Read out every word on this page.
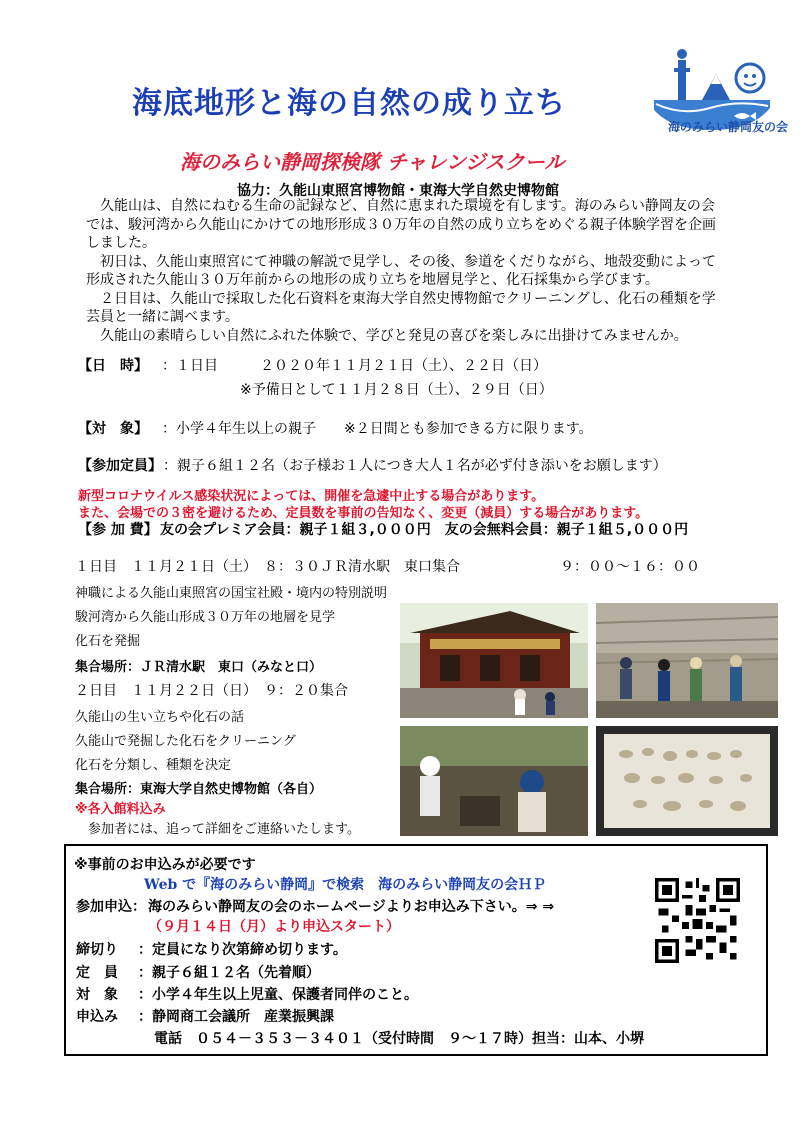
海底地形と海の自然の成り立ち
海のみらい静岡探検隊 チャレンジスクール
海のみらい静岡友の会
協力：久能山東照宮博物館・東海大学自然史博物館

久能山は、自然にねむる生命の記録など、自然に恵まれた環境を有します。海のみらい静岡友の会では、駿河湾から久能山にかけての地形形成３０万年の自然の成り立ちをめぐる親子体験学習を企画しました。

初日は、久能山東照宮にて神職の解説で見学し、その後、参道をくだりながら、地殻変動によって形成された久能山３０万年前からの地形の成り立ちを地層見学と、化石採集から学びます。

２日目は、久能山で採取した化石資料を東海大学自然史博物館でクリーニングし、化石の種類を学芸員と一緒に調べます。

久能山の素晴らしい自然にふれた体験で、学びと発見の喜びを楽しみに出掛けてみませんか。

【日　時】 ：１日目　　　２０２０年１１月２１日（土）、２２日（日）
※予備日として１１月２８日（土）、２９日（日）
【対　象】 ：小学４年生以上の親子　　※２日間とも参加できる方に限ります。
【参加定員】 ：親子６組１２名（お子様お１人につき大人１名が必ず付き添いをお願します）
新型コロナウイルス感染状況によっては、開催を急遽中止する場合があります。
また、会場での３密を避けるため、定員数を事前の告知なく、変更（減員）する場合があります。
【参 加 費】 友の会プレミア会員：親子１組３,０００円　友の会無料会員：親子１組５,０００円
１日目　１１月２１日（土）　８：３０ＪＲ清水駅　東口集合	９：００～１６：００
神職による久能山東照宮の国宝社殿・境内の特別説明
駿河湾から久能山形成３０万年の地層を見学
化石を発掘
集合場所：ＪＲ清水駅　東口（みなと口）
２日目　１１月２２日（日）　９：２０集合
久能山の生い立ちや化石の話
久能山で発掘した化石をクリーニング
化石を分類し、種類を決定
集合場所：東海大学自然史博物館（各自）
※各入館料込み
参加者には、追って詳細をご連絡いたします。
※事前のお申込みが必要です
Web で『海のみらい静岡』で検索　海のみらい静岡友の会ＨＰ
参加申込： 海のみらい静岡友の会のホームページよりお申込み下さい。⇒ ⇒
（９月１４日（月）より申込スタート）
締切り ：定員になり次第締め切ります。
定　員 ：親子６組１２名（先着順）
対　象 ：小学４年生以上児童、保護者同伴のこと。
申込み ：静岡商工会議所　産業振興課
電話　０５４－３５３－３４０１（受付時間　９～１７時）担当：山本、小堺
